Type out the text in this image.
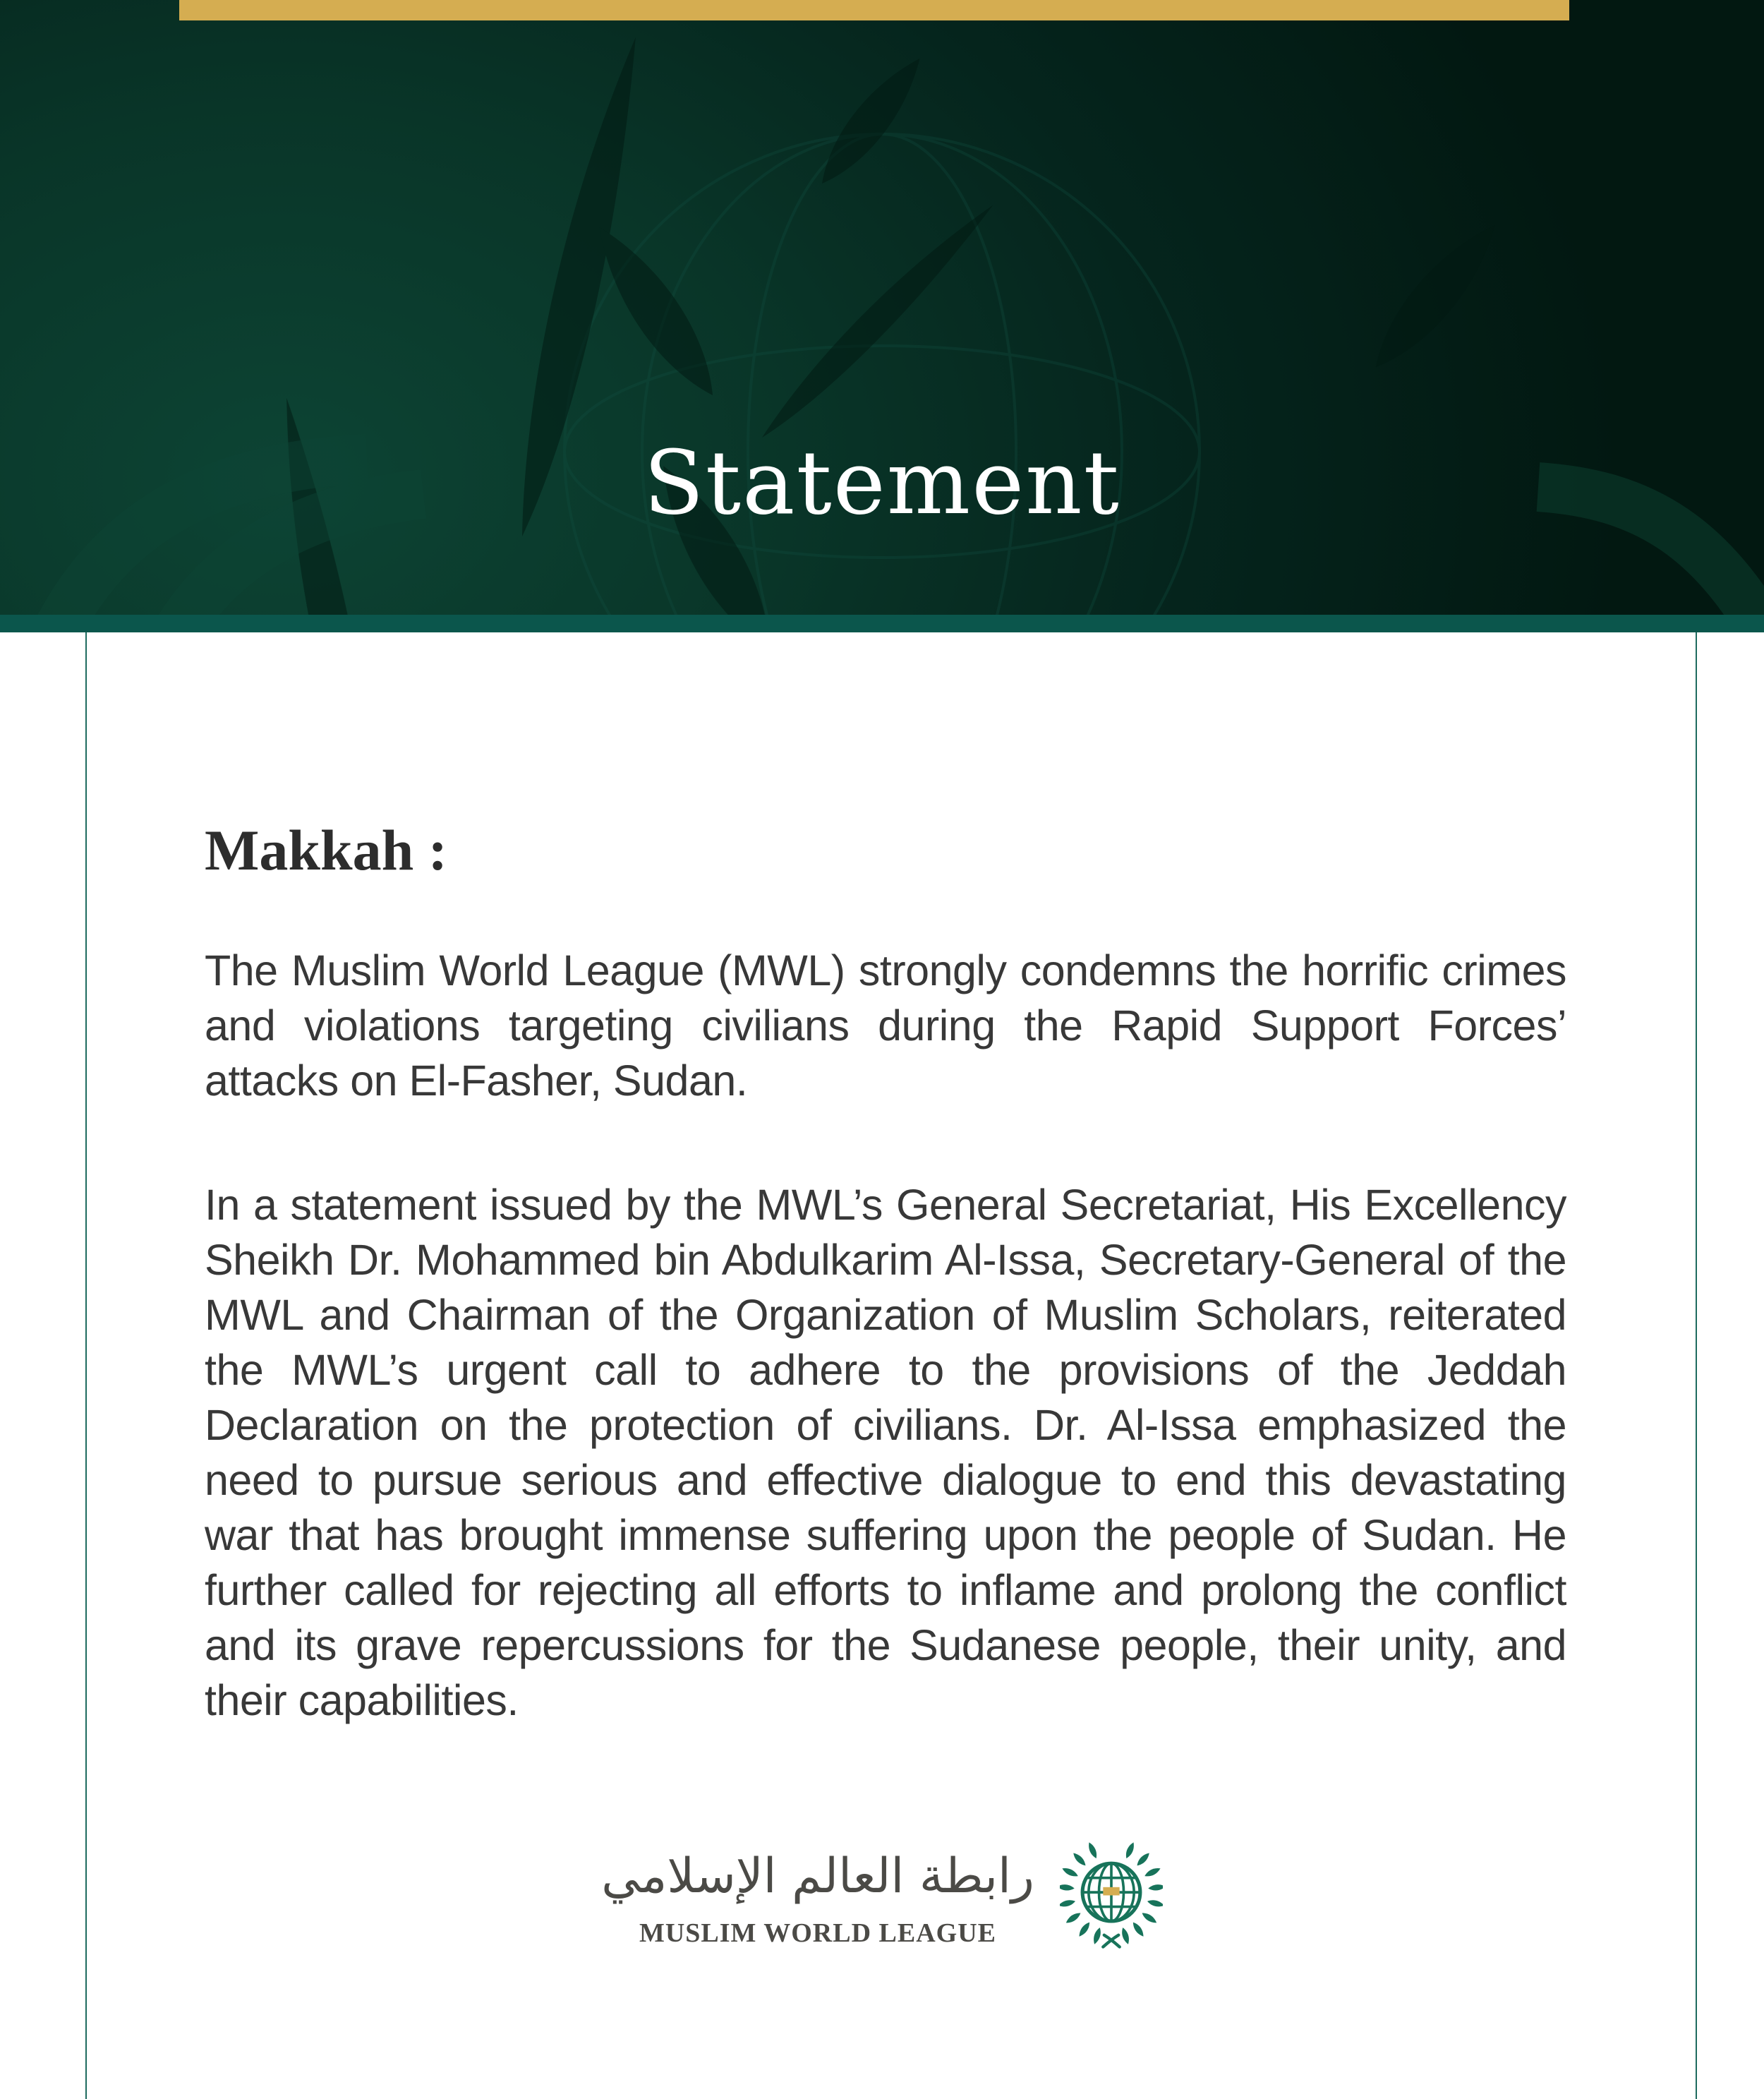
Statement
Makkah :

The Muslim World League (MWL) strongly condemns the horrific crimes and violations targeting civilians during the Rapid Support Forces’ attacks on El-Fasher, Sudan.

In a statement issued by the MWL’s General Secretariat, His Excellency Sheikh Dr. Mohammed bin Abdulkarim Al-Issa, Secretary-General of the MWL and Chairman of the Organization of Muslim Scholars, reiterated the MWL’s urgent call to adhere to the provisions of the Jeddah Declaration on the protection of civilians. Dr. Al-Issa emphasized the need to pursue serious and effective dialogue to end this devastating war that has brought immense suffering upon the people of Sudan. He further called for rejecting all efforts to inflame and prolong the conflict and its grave repercussions for the Sudanese people, their unity, and their capabilities.

رابطة العالم الإسلامي
MUSLIM WORLD LEAGUE
